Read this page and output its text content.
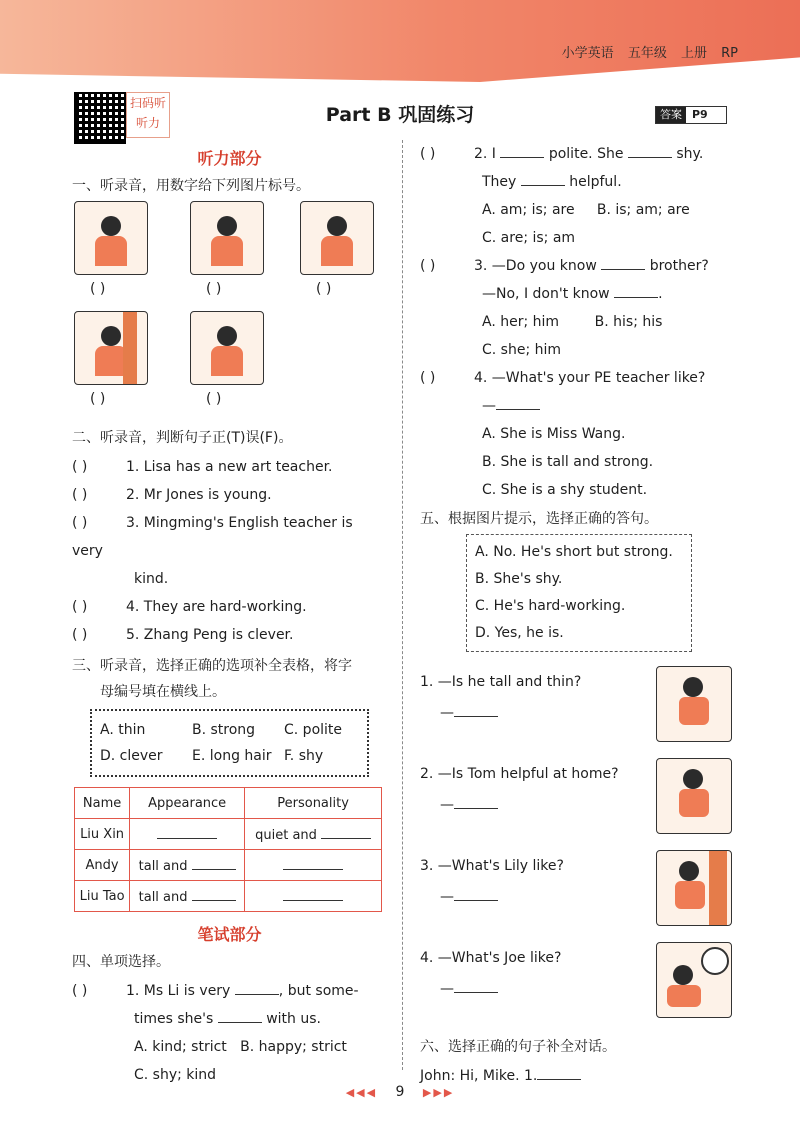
小学英语 五年级 上册 RP
扫码听听力	Part B 巩固练习	答案 P9
听力部分
一、听录音，用数字给下列图片标号。
( )	( )	( )
( )	( )
二、听录音，判断句子正(T)误(F)。
( )	1. Lisa has a new art teacher.
( )	2. Mr Jones is young.
( )	3. Mingming's English teacher is very
kind.
( )	4. They are hard-working.
( )	5. Zhang Peng is clever.
三、听录音，选择正确的选项补全表格，将字
母编号填在横线上。
A. thin	B. strong C. polite
D. clever E. long hair F. shy
Name	Appearance	Personality
Liu Xin		quiet and
Andy	tall and	
Liu Tao	tall and	
笔试部分
四、单项选择。
( )	1. Ms Li is very	, but some-
times she's	with us.
A. kind; strict   B. happy; strict
C. shy; kind
( )	2. I	polite. She	shy.
They	helpful.
A. am; is; are     B. is; am; are
C. are; is; am
( )	3. —Do you know	brother?
—No, I don't know	.
A. her; him        B. his; his
C. she; him
( )	4. —What's your PE teacher like?
—
A. She is Miss Wang.
B. She is tall and strong.
C. She is a shy student.
五、根据图片提示，选择正确的答句。
A. No. He's short but strong.
B. She's shy.
C. He's hard-working.
D. Yes, he is.
1. —Is he tall and thin?
—
2. —Is Tom helpful at home?
—
3. —What's Lily like?
—
4. —What's Joe like?
—
六、选择正确的句子补全对话。
John: Hi, Mike. 1.
◀◀◀ 9 ▶▶▶
